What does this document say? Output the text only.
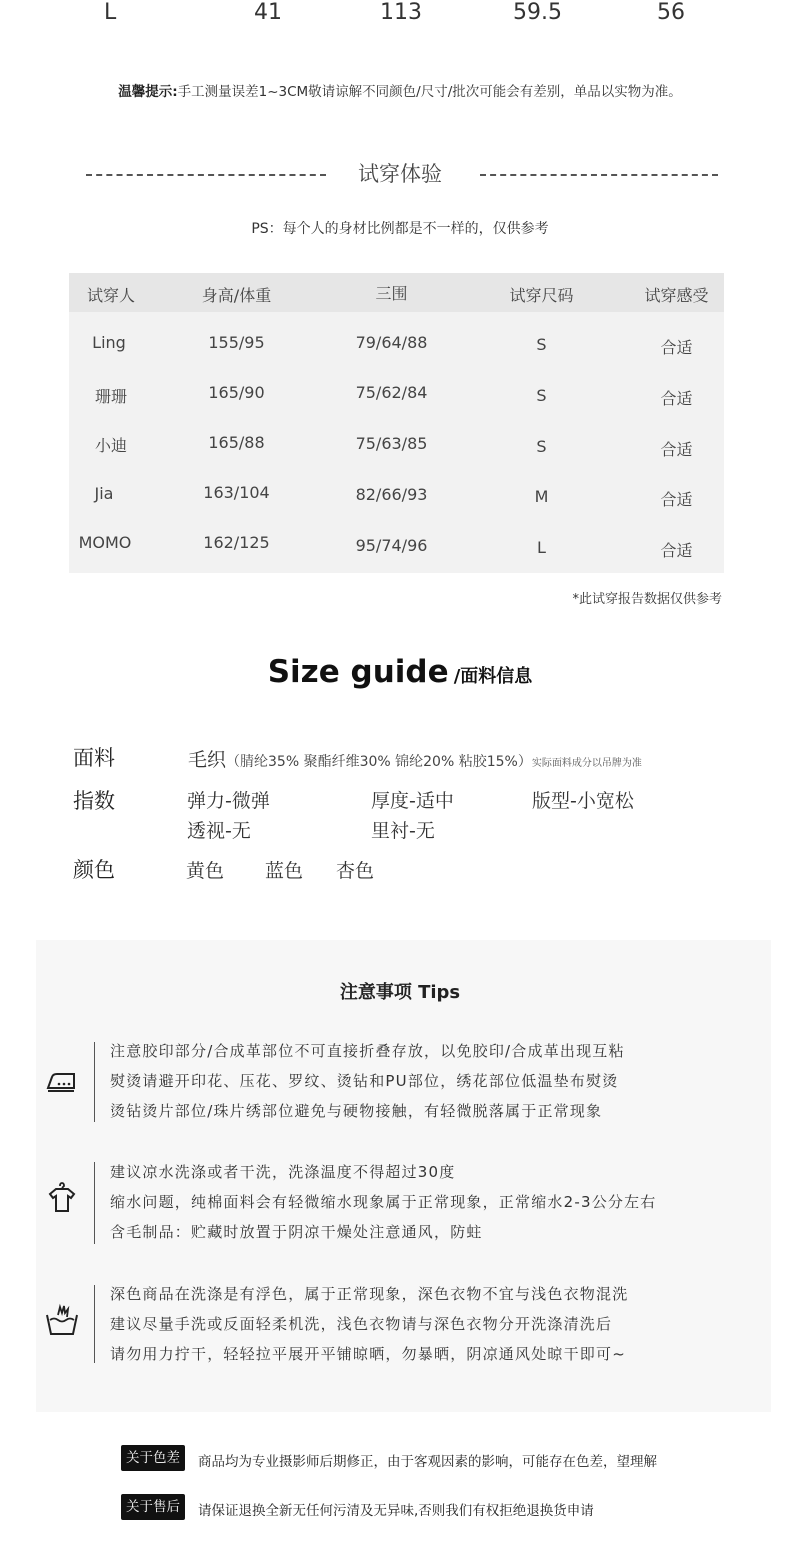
L	41	113	59.5	56
温馨提示:手工测量误差1~3CM敬请谅解不同颜色/尺寸/批次可能会有差别，单品以实物为准。
试穿体验
PS：每个人的身材比例都是不一样的，仅供参考
试穿人	身高/体重	三围	试穿尺码	试穿感受
Ling	155/95	79/64/88	S	合适
珊珊	165/90	75/62/84	S	合适
小迪	165/88	75/63/85	S	合适
Jia	163/104	82/66/93	M	合适
MOMO	162/125	95/74/96	L	合适
*此试穿报告数据仅供参考
Size guide /面料信息
面料	毛织（腈纶35% 聚酯纤维30% 锦纶20% 粘胶15%）实际面料成分以吊牌为准
指数	弹力-微弹	厚度-适中	版型-小宽松
透视-无	里衬-无
颜色	黄色 蓝色 杏色
注意事项 Tips
注意胶印部分/合成革部位不可直接折叠存放，以免胶印/合成革出现互粘
熨烫请避开印花、压花、罗纹、烫钻和PU部位，绣花部位低温垫布熨烫
烫钻烫片部位/珠片绣部位避免与硬物接触，有轻微脱落属于正常现象
建议凉水洗涤或者干洗，洗涤温度不得超过30度
缩水问题，纯棉面料会有轻微缩水现象属于正常现象，正常缩水2-3公分左右
含毛制品：贮藏时放置于阴凉干燥处注意通风，防蛀
深色商品在洗涤是有浮色，属于正常现象，深色衣物不宜与浅色衣物混洗
建议尽量手洗或反面轻柔机洗，浅色衣物请与深色衣物分开洗涤清洗后
请勿用力拧干，轻轻拉平展开平铺晾晒，勿暴晒，阴凉通风处晾干即可~
关于色差	商品均为专业摄影师后期修正，由于客观因素的影响，可能存在色差，望理解
关于售后	请保证退换全新无任何污清及无异味,否则我们有权拒绝退换货申请
